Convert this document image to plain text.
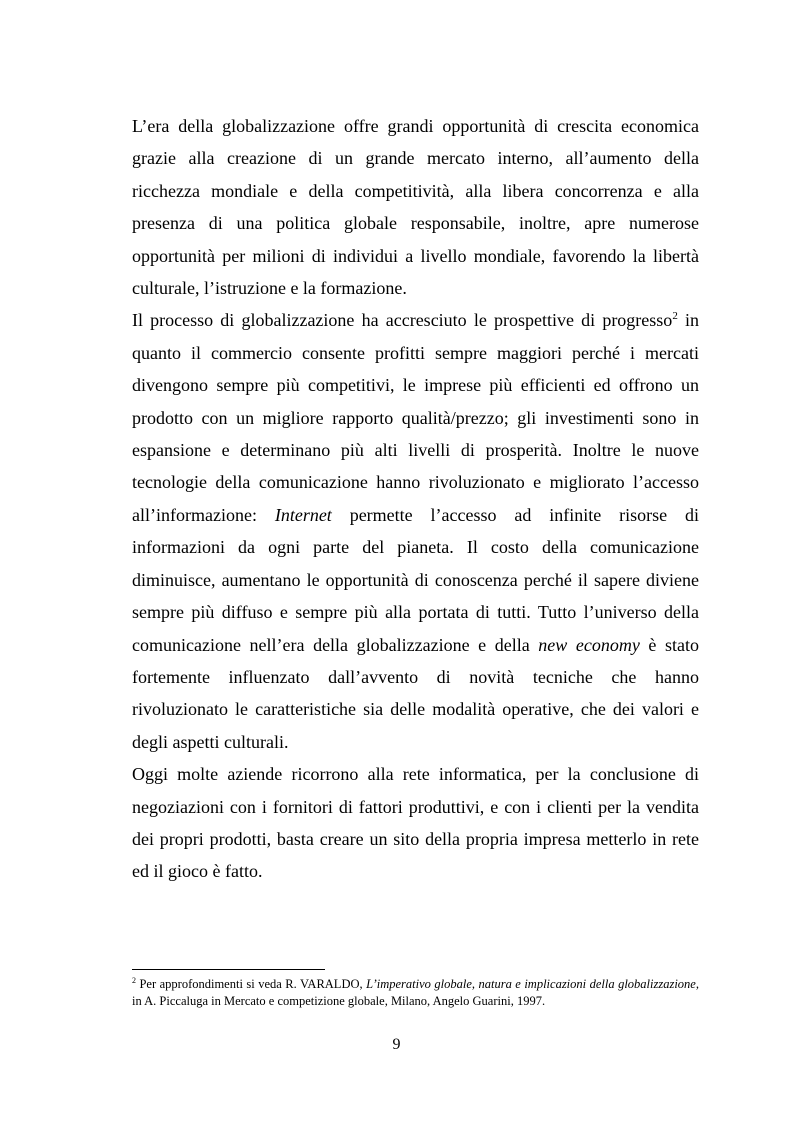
L’era della globalizzazione offre grandi opportunità di crescita economica grazie alla creazione di un grande mercato interno, all’aumento della ricchezza mondiale e della competitività, alla libera concorrenza e alla presenza di una politica globale responsabile, inoltre, apre numerose opportunità per milioni di individui a livello mondiale, favorendo la libertà culturale, l’istruzione e la formazione.

Il processo di globalizzazione ha accresciuto le prospettive di progresso$^2$ in quanto il commercio consente profitti sempre maggiori perché i mercati divengono sempre più competitivi, le imprese più efficienti ed offrono un prodotto con un migliore rapporto qualità/prezzo; gli investimenti sono in espansione e determinano più alti livelli di prosperità. Inoltre le nuove tecnologie della comunicazione hanno rivoluzionato e migliorato l’accesso all’informazione: Internet permette l’accesso ad infinite risorse di informazioni da ogni parte del pianeta. Il costo della comunicazione diminuisce, aumentano le opportunità di conoscenza perché il sapere diviene sempre più diffuso e sempre più alla portata di tutti. Tutto l’universo della comunicazione nell’era della globalizzazione e della new economy è stato fortemente influenzato dall’avvento di novità tecniche che hanno rivoluzionato le caratteristiche sia delle modalità operative, che dei valori e degli aspetti culturali.

Oggi molte aziende ricorrono alla rete informatica, per la conclusione di negoziazioni con i fornitori di fattori produttivi, e con i clienti per la vendita dei propri prodotti, basta creare un sito della propria impresa metterlo in rete ed il gioco è fatto.

$^2$ Per approfondimenti si veda R. VARALDO, L’imperativo globale, natura e implicazioni della globalizzazione, in A. Piccaluga in Mercato e competizione globale, Milano, Angelo Guarini, 1997.
9
